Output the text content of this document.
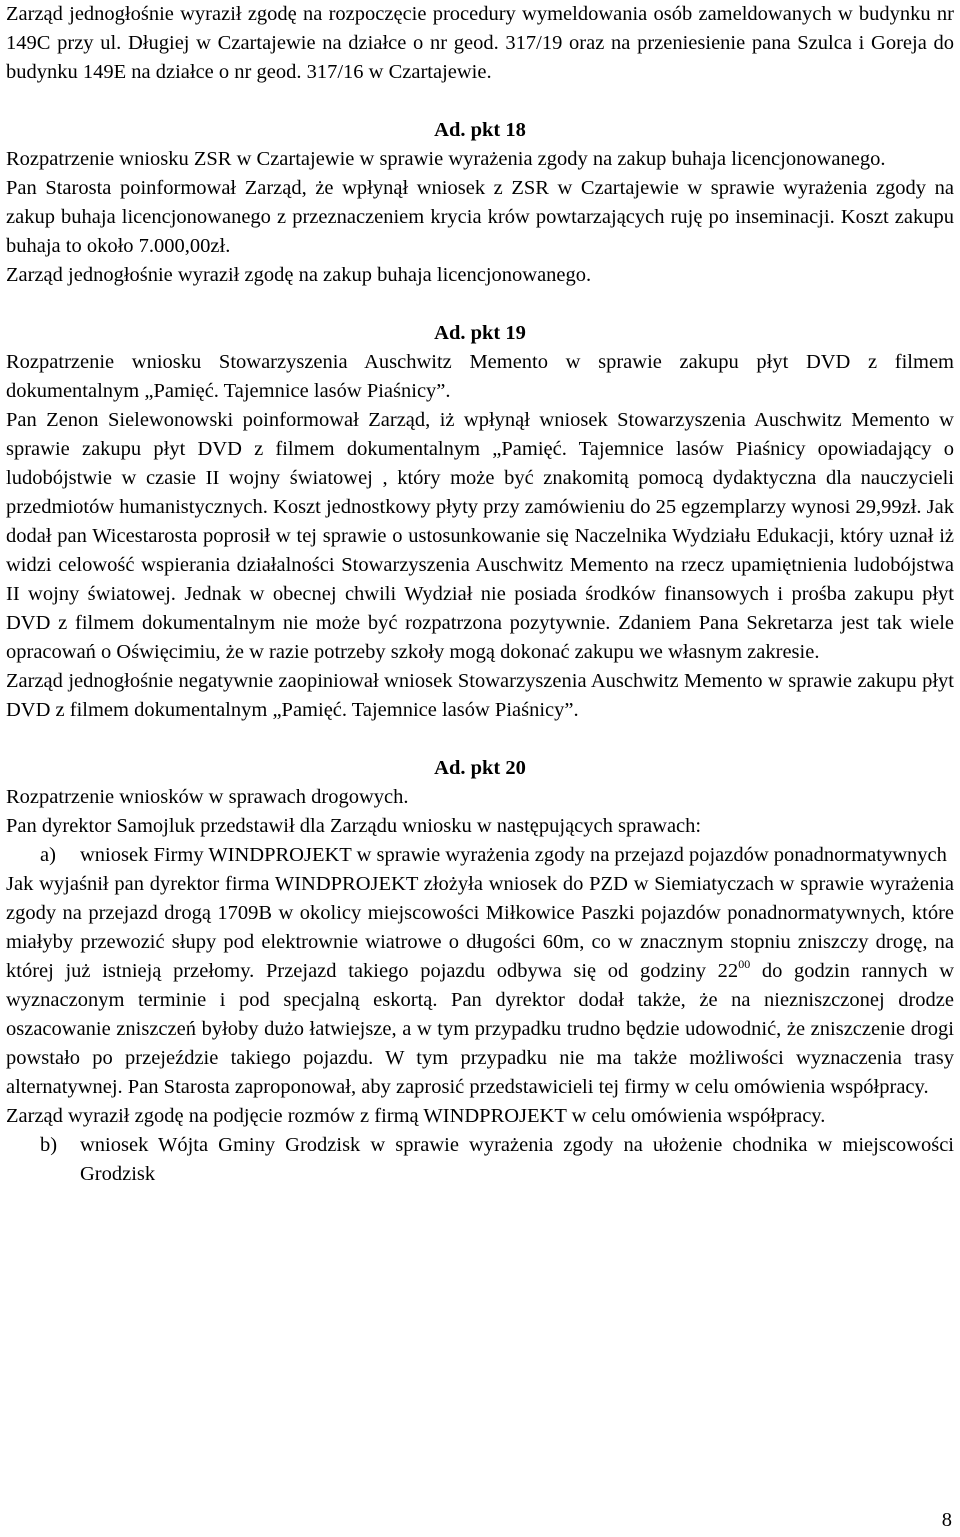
Zarząd jednogłośnie wyraził zgodę na rozpoczęcie procedury wymeldowania osób zameldowanych w budynku nr 149C przy ul. Długiej w Czartajewie na działce o nr geod. 317/19 oraz na przeniesienie pana Szulca i Goreja do budynku 149E na działce o nr geod. 317/16 w Czartajewie.
Ad. pkt 18
Rozpatrzenie wniosku ZSR w Czartajewie w sprawie wyrażenia zgody na zakup buhaja licencjonowanego.
Pan Starosta poinformował Zarząd, że wpłynął wniosek z ZSR w Czartajewie w sprawie wyrażenia zgody na zakup buhaja licencjonowanego z przeznaczeniem krycia krów powtarzających ruję po inseminacji. Koszt zakupu buhaja to około 7.000,00zł.
Zarząd jednogłośnie wyraził zgodę na zakup buhaja licencjonowanego.
Ad. pkt 19
Rozpatrzenie wniosku Stowarzyszenia Auschwitz Memento w sprawie zakupu płyt DVD z filmem dokumentalnym „Pamięć. Tajemnice lasów Piaśnicy”.
Pan Zenon Sielewonowski poinformował Zarząd, iż wpłynął wniosek Stowarzyszenia Auschwitz Memento w sprawie zakupu płyt DVD z filmem dokumentalnym „Pamięć. Tajemnice lasów Piaśnicy opowiadający o ludobójstwie w czasie II wojny światowej , który może być znakomitą pomocą dydaktyczna dla nauczycieli przedmiotów humanistycznych. Koszt jednostkowy płyty przy zamówieniu do 25 egzemplarzy wynosi 29,99zł. Jak dodał pan Wicestarosta poprosił w tej sprawie o ustosunkowanie się Naczelnika Wydziału Edukacji, który uznał iż widzi celowość wspierania działalności Stowarzyszenia Auschwitz Memento na rzecz upamiętnienia ludobójstwa II wojny światowej. Jednak w obecnej chwili Wydział nie posiada środków finansowych i prośba zakupu płyt DVD z filmem dokumentalnym nie może być rozpatrzona pozytywnie. Zdaniem Pana Sekretarza jest tak wiele opracowań o Oświęcimiu, że w razie potrzeby szkoły mogą dokonać zakupu we własnym zakresie.
Zarząd jednogłośnie negatywnie zaopiniował wniosek Stowarzyszenia Auschwitz Memento w sprawie zakupu płyt DVD z filmem dokumentalnym „Pamięć. Tajemnice lasów Piaśnicy”.
Ad. pkt 20
Rozpatrzenie wniosków w sprawach drogowych.
Pan dyrektor Samojluk przedstawił dla Zarządu wniosku w następujących sprawach:
a)	wniosek Firmy WINDPROJEKT w sprawie wyrażenia zgody na przejazd pojazdów ponadnormatywnych
Jak wyjaśnił pan dyrektor firma WINDPROJEKT złożyła wniosek do PZD w Siemiatyczach w sprawie wyrażenia zgody na przejazd drogą 1709B w okolicy miejscowości Miłkowice Paszki pojazdów ponadnormatywnych, które miałyby przewozić słupy pod elektrownie wiatrowe o długości 60m, co w znacznym stopniu zniszczy drogę, na której już istnieją przełomy. Przejazd takiego pojazdu odbywa się od godziny $22^{00}$ do godzin rannych w wyznaczonym terminie i pod specjalną eskortą. Pan dyrektor dodał także, że na niezniszczonej drodze oszacowanie zniszczeń byłoby dużo łatwiejsze, a w tym przypadku trudno będzie udowodnić, że zniszczenie drogi powstało po przejeździe takiego pojazdu. W tym przypadku nie ma także możliwości wyznaczenia trasy alternatywnej. Pan Starosta zaproponował, aby zaprosić przedstawicieli tej firmy w celu omówienia współpracy.
Zarząd wyraził zgodę na podjęcie rozmów z firmą WINDPROJEKT w celu omówienia współpracy.
b)	wniosek Wójta Gminy Grodzisk w sprawie wyrażenia zgody na ułożenie chodnika w miejscowości Grodzisk
8
